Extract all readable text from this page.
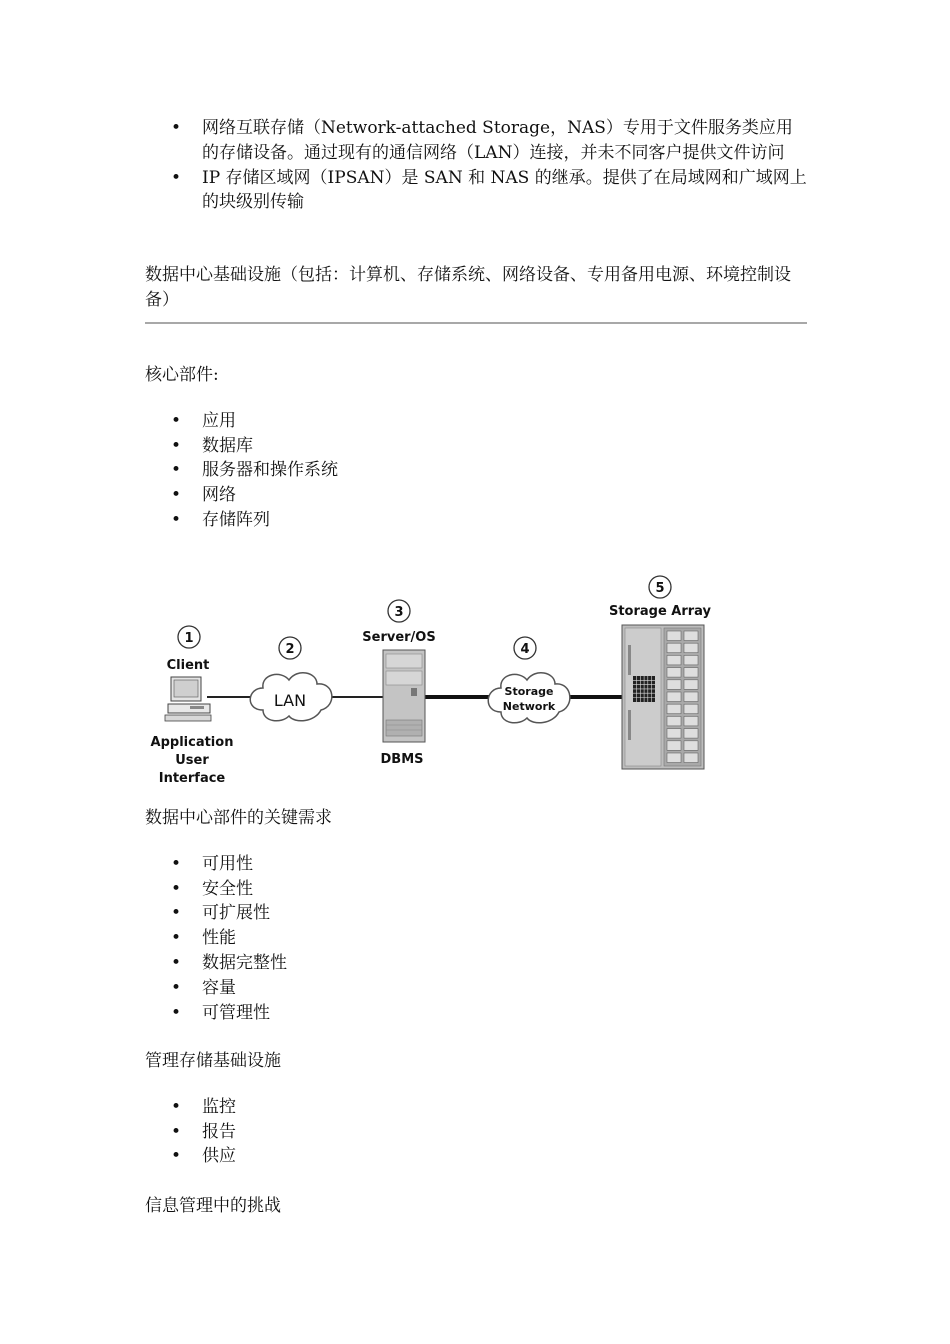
• 网络互联存储（Network-attached Storage，NAS）专用于文件服务类应用的存储设备。通过现有的通信网络（LAN）连接，并未不同客户提供文件访问
• IP 存储区域网（IPSAN）是 SAN 和 NAS 的继承。提供了在局域网和广域网上的块级别传输

数据中心基础设施（包括：计算机、存储系统、网络设备、专用备用电源、环境控制设备）

核心部件:

• 应用
• 数据库
• 服务器和操作系统
• 网络
• 存储阵列
1
Client
Application
User
Interface
2
LAN
3
Server/OS
DBMS
4
Storage
Network
5
Storage Array

数据中心部件的关键需求

• 可用性
• 安全性
• 可扩展性
• 性能
• 数据完整性
• 容量
• 可管理性

管理存储基础设施

• 监控
• 报告
• 供应

信息管理中的挑战
